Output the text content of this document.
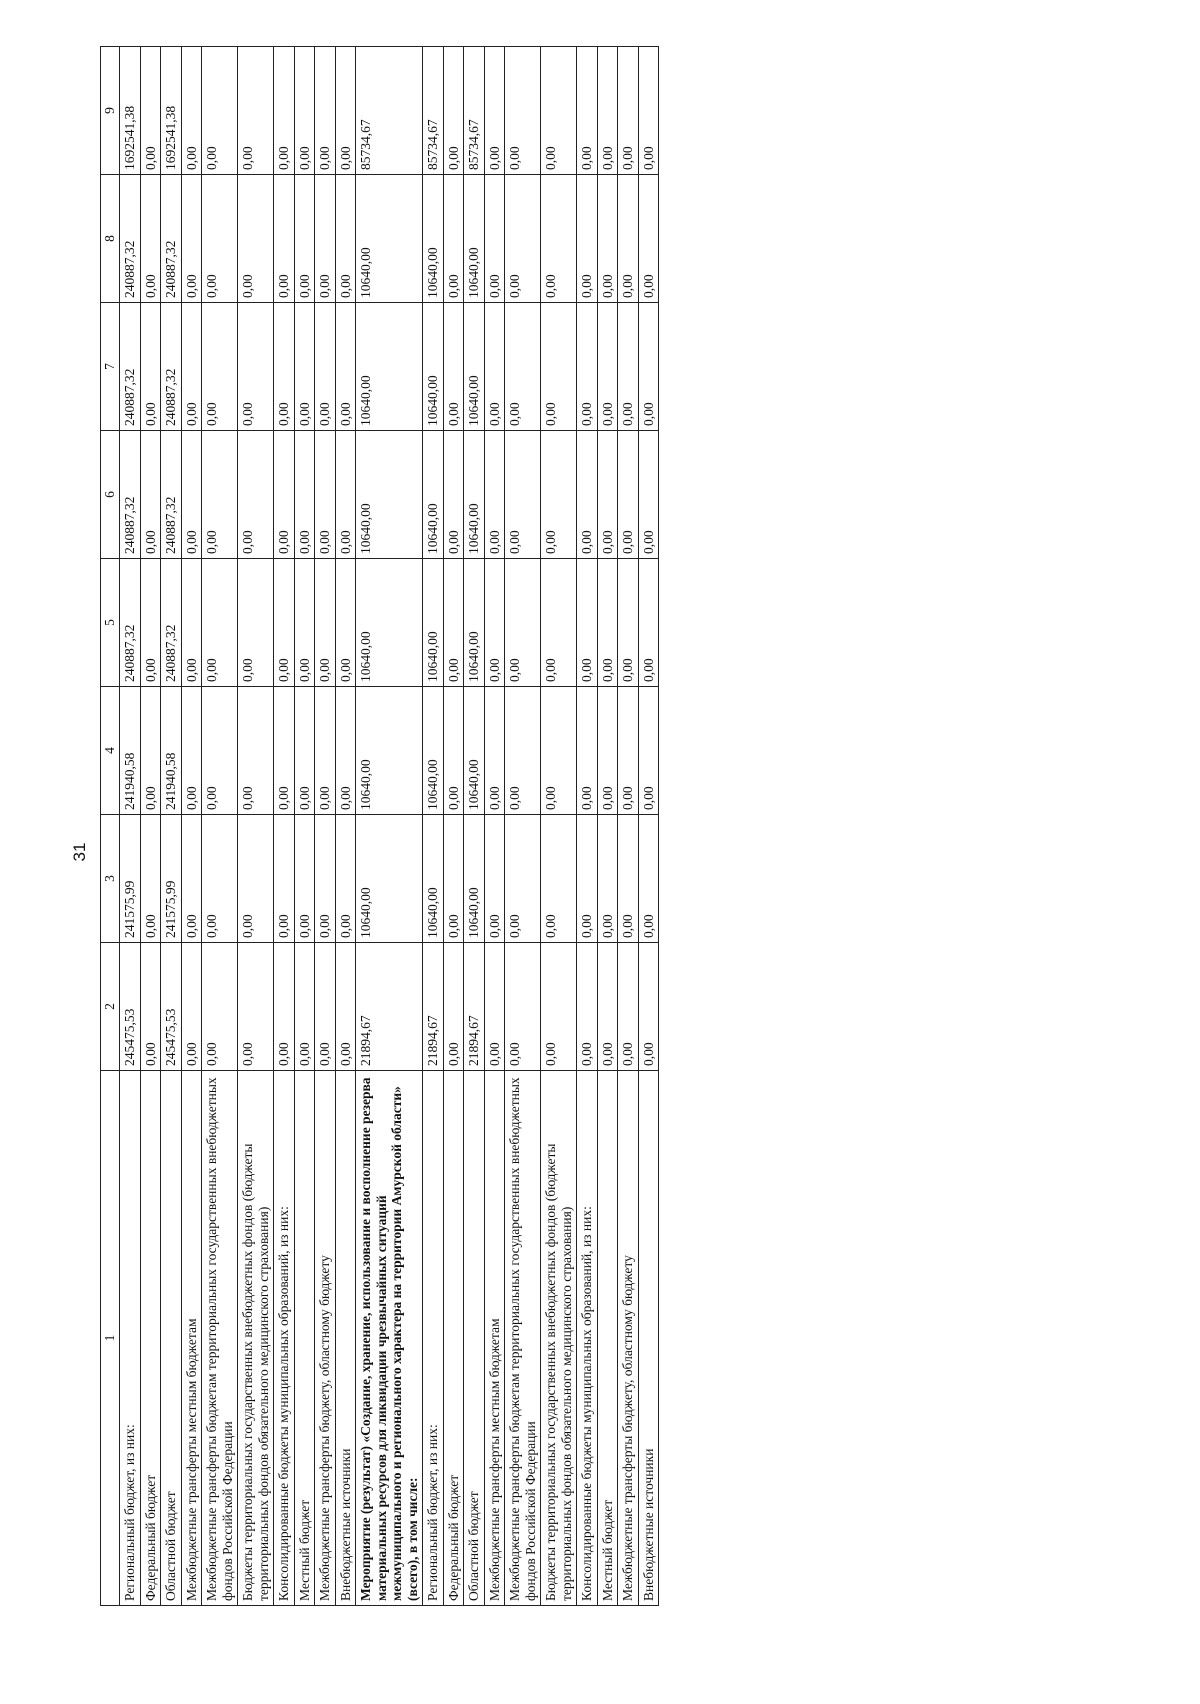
31
1	2	3	4	5	6	7	8	9
Региональный бюджет, из них:	245475,53	241575,99	241940,58	240887,32	240887,32	240887,32	240887,32	1692541,38
Федеральный бюджет	0,00	0,00	0,00	0,00	0,00	0,00	0,00	0,00
Областной бюджет	245475,53	241575,99	241940,58	240887,32	240887,32	240887,32	240887,32	1692541,38
Межбюджетные трансферты местным бюджетам	0,00	0,00	0,00	0,00	0,00	0,00	0,00	0,00
Межбюджетные трансферты бюджетам территориальных государственных внебюджетных фондов Российской Федерации	0,00	0,00	0,00	0,00	0,00	0,00	0,00	0,00
Бюджеты территориальных государственных внебюджетных фондов (бюджеты территориальных фондов обязательного медицинского страхования)	0,00	0,00	0,00	0,00	0,00	0,00	0,00	0,00
Консолидированные бюджеты муниципальных образований, из них:	0,00	0,00	0,00	0,00	0,00	0,00	0,00	0,00
Местный бюджет	0,00	0,00	0,00	0,00	0,00	0,00	0,00	0,00
Межбюджетные трансферты бюджету, областному бюджету	0,00	0,00	0,00	0,00	0,00	0,00	0,00	0,00
Внебюджетные источники	0,00	0,00	0,00	0,00	0,00	0,00	0,00	0,00
Мероприятие (результат) «Создание, хранение, использование и восполнение резерва материальных ресурсов для ликвидации чрезвычайных ситуаций межмуниципального и регионального характера на территории Амурской области» (всего), в том числе:	21894,67	10640,00	10640,00	10640,00	10640,00	10640,00	10640,00	85734,67
Региональный бюджет, из них:	21894,67	10640,00	10640,00	10640,00	10640,00	10640,00	10640,00	85734,67
Федеральный бюджет	0,00	0,00	0,00	0,00	0,00	0,00	0,00	0,00
Областной бюджет	21894,67	10640,00	10640,00	10640,00	10640,00	10640,00	10640,00	85734,67
Межбюджетные трансферты местным бюджетам	0,00	0,00	0,00	0,00	0,00	0,00	0,00	0,00
Межбюджетные трансферты бюджетам территориальных государственных внебюджетных фондов Российской Федерации	0,00	0,00	0,00	0,00	0,00	0,00	0,00	0,00
Бюджеты территориальных государственных внебюджетных фондов (бюджеты территориальных фондов обязательного медицинского страхования)	0,00	0,00	0,00	0,00	0,00	0,00	0,00	0,00
Консолидированные бюджеты муниципальных образований, из них:	0,00	0,00	0,00	0,00	0,00	0,00	0,00	0,00
Местный бюджет	0,00	0,00	0,00	0,00	0,00	0,00	0,00	0,00
Межбюджетные трансферты бюджету, областному бюджету	0,00	0,00	0,00	0,00	0,00	0,00	0,00	0,00
Внебюджетные источники	0,00	0,00	0,00	0,00	0,00	0,00	0,00	0,00
